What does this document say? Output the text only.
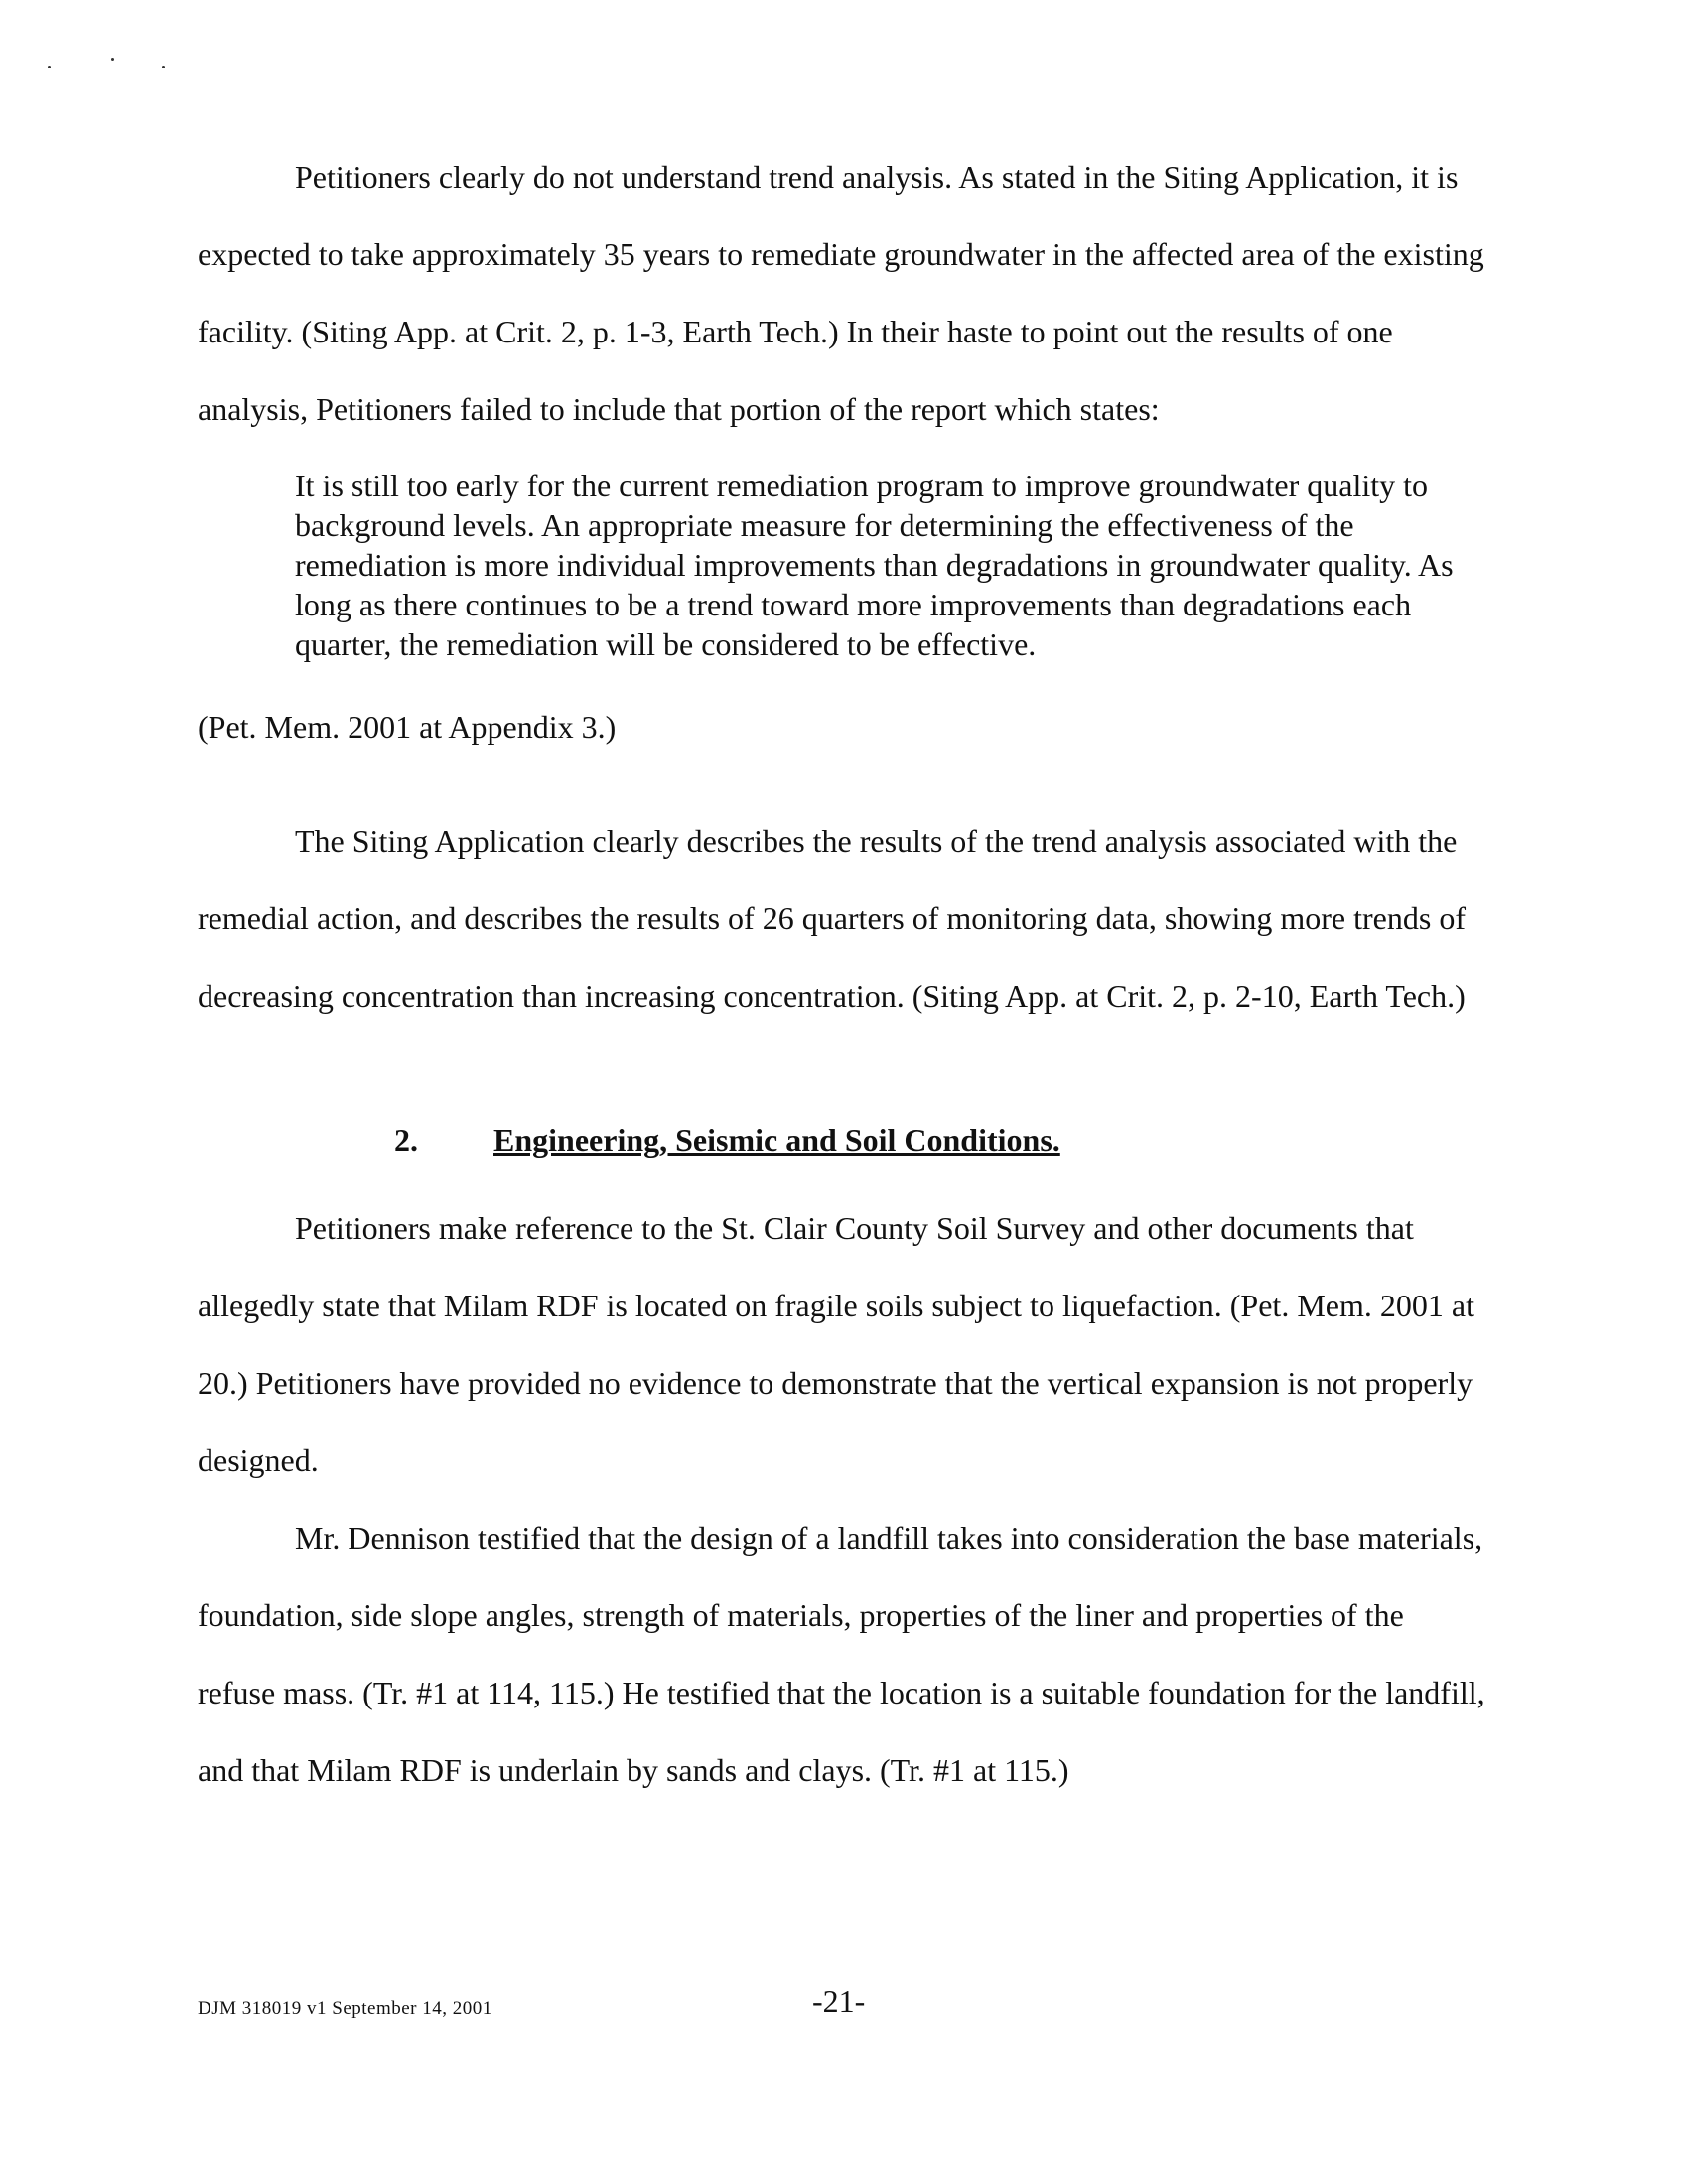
Petitioners clearly do not understand trend analysis. As stated in the Siting Application, it is expected to take approximately 35 years to remediate groundwater in the affected area of the existing facility. (Siting App. at Crit. 2, p. 1-3, Earth Tech.) In their haste to point out the results of one analysis, Petitioners failed to include that portion of the report which states:

It is still too early for the current remediation program to improve groundwater quality to background levels. An appropriate measure for determining the effectiveness of the remediation is more individual improvements than degradations in groundwater quality. As long as there continues to be a trend toward more improvements than degradations each quarter, the remediation will be considered to be effective.

(Pet. Mem. 2001 at Appendix 3.)

The Siting Application clearly describes the results of the trend analysis associated with the remedial action, and describes the results of 26 quarters of monitoring data, showing more trends of decreasing concentration than increasing concentration. (Siting App. at Crit. 2, p. 2-10, Earth Tech.)

2. Engineering, Seismic and Soil Conditions.

Petitioners make reference to the St. Clair County Soil Survey and other documents that allegedly state that Milam RDF is located on fragile soils subject to liquefaction. (Pet. Mem. 2001 at 20.) Petitioners have provided no evidence to demonstrate that the vertical expansion is not properly designed.

Mr. Dennison testified that the design of a landfill takes into consideration the base materials, foundation, side slope angles, strength of materials, properties of the liner and properties of the refuse mass. (Tr. #1 at 114, 115.) He testified that the location is a suitable foundation for the landfill, and that Milam RDF is underlain by sands and clays. (Tr. #1 at 115.)

DJM 318019 v1 September 14, 2001	-21-
